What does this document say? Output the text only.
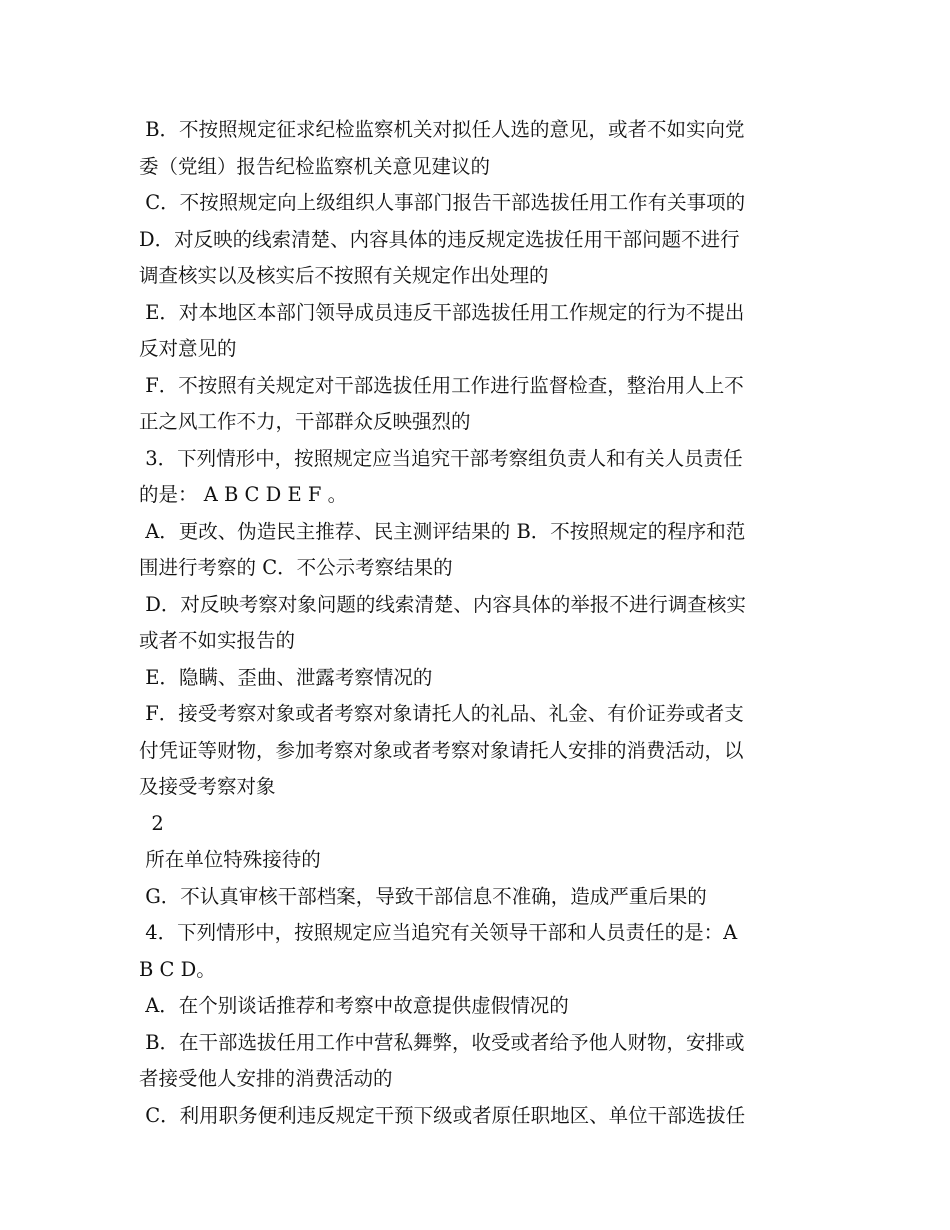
B．不按照规定征求纪检监察机关对拟任人选的意见，或者不如实向党
委（党组）报告纪检监察机关意见建议的
C．不按照规定向上级组织人事部门报告干部选拔任用工作有关事项的
D．对反映的线索清楚、内容具体的违反规定选拔任用干部问题不进行
调查核实以及核实后不按照有关规定作出处理的
E．对本地区本部门领导成员违反干部选拔任用工作规定的行为不提出
反对意见的
F．不按照有关规定对干部选拔任用工作进行监督检查，整治用人上不
正之风工作不力，干部群众反映强烈的
3．下列情形中，按照规定应当追究干部考察组负责人和有关人员责任
的是： A B C D E F 。
A．更改、伪造民主推荐、民主测评结果的 B．不按照规定的程序和范
围进行考察的 C．不公示考察结果的
D．对反映考察对象问题的线索清楚、内容具体的举报不进行调查核实
或者不如实报告的
E．隐瞒、歪曲、泄露考察情况的
F．接受考察对象或者考察对象请托人的礼品、礼金、有价证券或者支
付凭证等财物，参加考察对象或者考察对象请托人安排的消费活动，以
及接受考察对象
2
所在单位特殊接待的
G．不认真审核干部档案，导致干部信息不准确，造成严重后果的
4．下列情形中，按照规定应当追究有关领导干部和人员责任的是：A
B C D。
A．在个别谈话推荐和考察中故意提供虚假情况的
B．在干部选拔任用工作中营私舞弊，收受或者给予他人财物，安排或
者接受他人安排的消费活动的
C．利用职务便利违反规定干预下级或者原任职地区、单位干部选拔任
